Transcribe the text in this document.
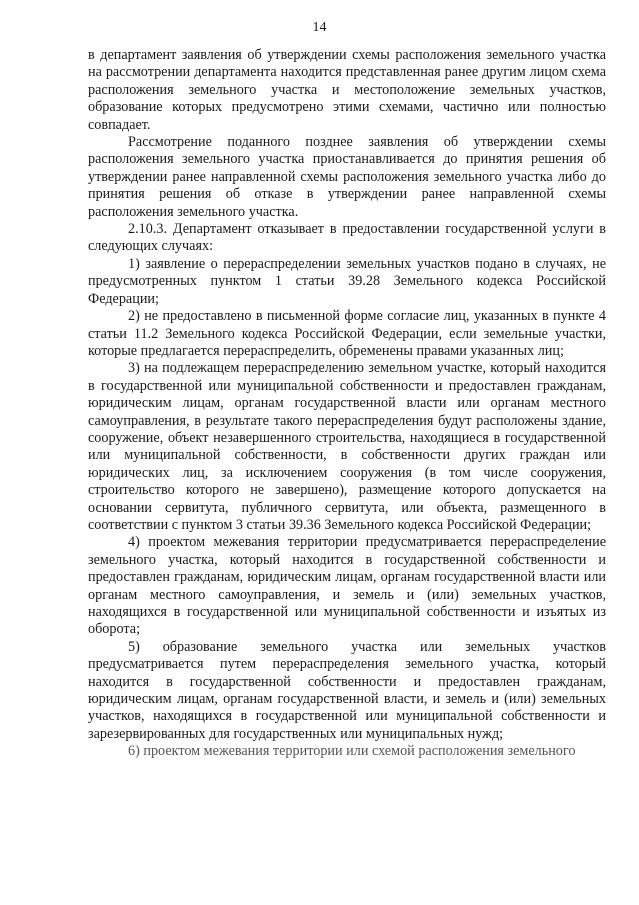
14

в департамент заявления об утверждении схемы расположения земельного участка на рассмотрении департамента находится представленная ранее другим лицом схема расположения земельного участка и местоположение земельных участков, образование которых предусмотрено этими схемами, частично или полностью совпадает.

Рассмотрение поданного позднее заявления об утверждении схемы расположения земельного участка приостанавливается до принятия решения об утверждении ранее направленной схемы расположения земельного участка либо до принятия решения об отказе в утверждении ранее направленной схемы расположения земельного участка.

2.10.3. Департамент отказывает в предоставлении государственной услуги в следующих случаях:

1) заявление о перераспределении земельных участков подано в случаях, не предусмотренных пунктом 1 статьи 39.28 Земельного кодекса Российской Федерации;

2) не предоставлено в письменной форме согласие лиц, указанных в пункте 4 статьи 11.2 Земельного кодекса Российской Федерации, если земельные участки, которые предлагается перераспределить, обременены правами указанных лиц;

3) на подлежащем перераспределению земельном участке, который находится в государственной или муниципальной собственности и предоставлен гражданам, юридическим лицам, органам государственной власти или органам местного самоуправления, в результате такого перераспределения будут расположены здание, сооружение, объект незавершенного строительства, находящиеся в государственной или муниципальной собственности, в собственности других граждан или юридических лиц, за исключением сооружения (в том числе сооружения, строительство которого не завершено), размещение которого допускается на основании сервитута, публичного сервитута, или объекта, размещенного в соответствии с пунктом 3 статьи 39.36 Земельного кодекса Российской Федерации;

4) проектом межевания территории предусматривается перераспределение земельного участка, который находится в государственной собственности и предоставлен гражданам, юридическим лицам, органам государственной власти или органам местного самоуправления, и земель и (или) земельных участков, находящихся в государственной или муниципальной собственности и изъятых из оборота;

5) образование земельного участка или земельных участков предусматривается путем перераспределения земельного участка, который находится в государственной собственности и предоставлен гражданам, юридическим лицам, органам государственной власти, и земель и (или) земельных участков, находящихся в государственной или муниципальной собственности и зарезервированных для государственных или муниципальных нужд;

6) проектом межевания территории или схемой расположения земельного
